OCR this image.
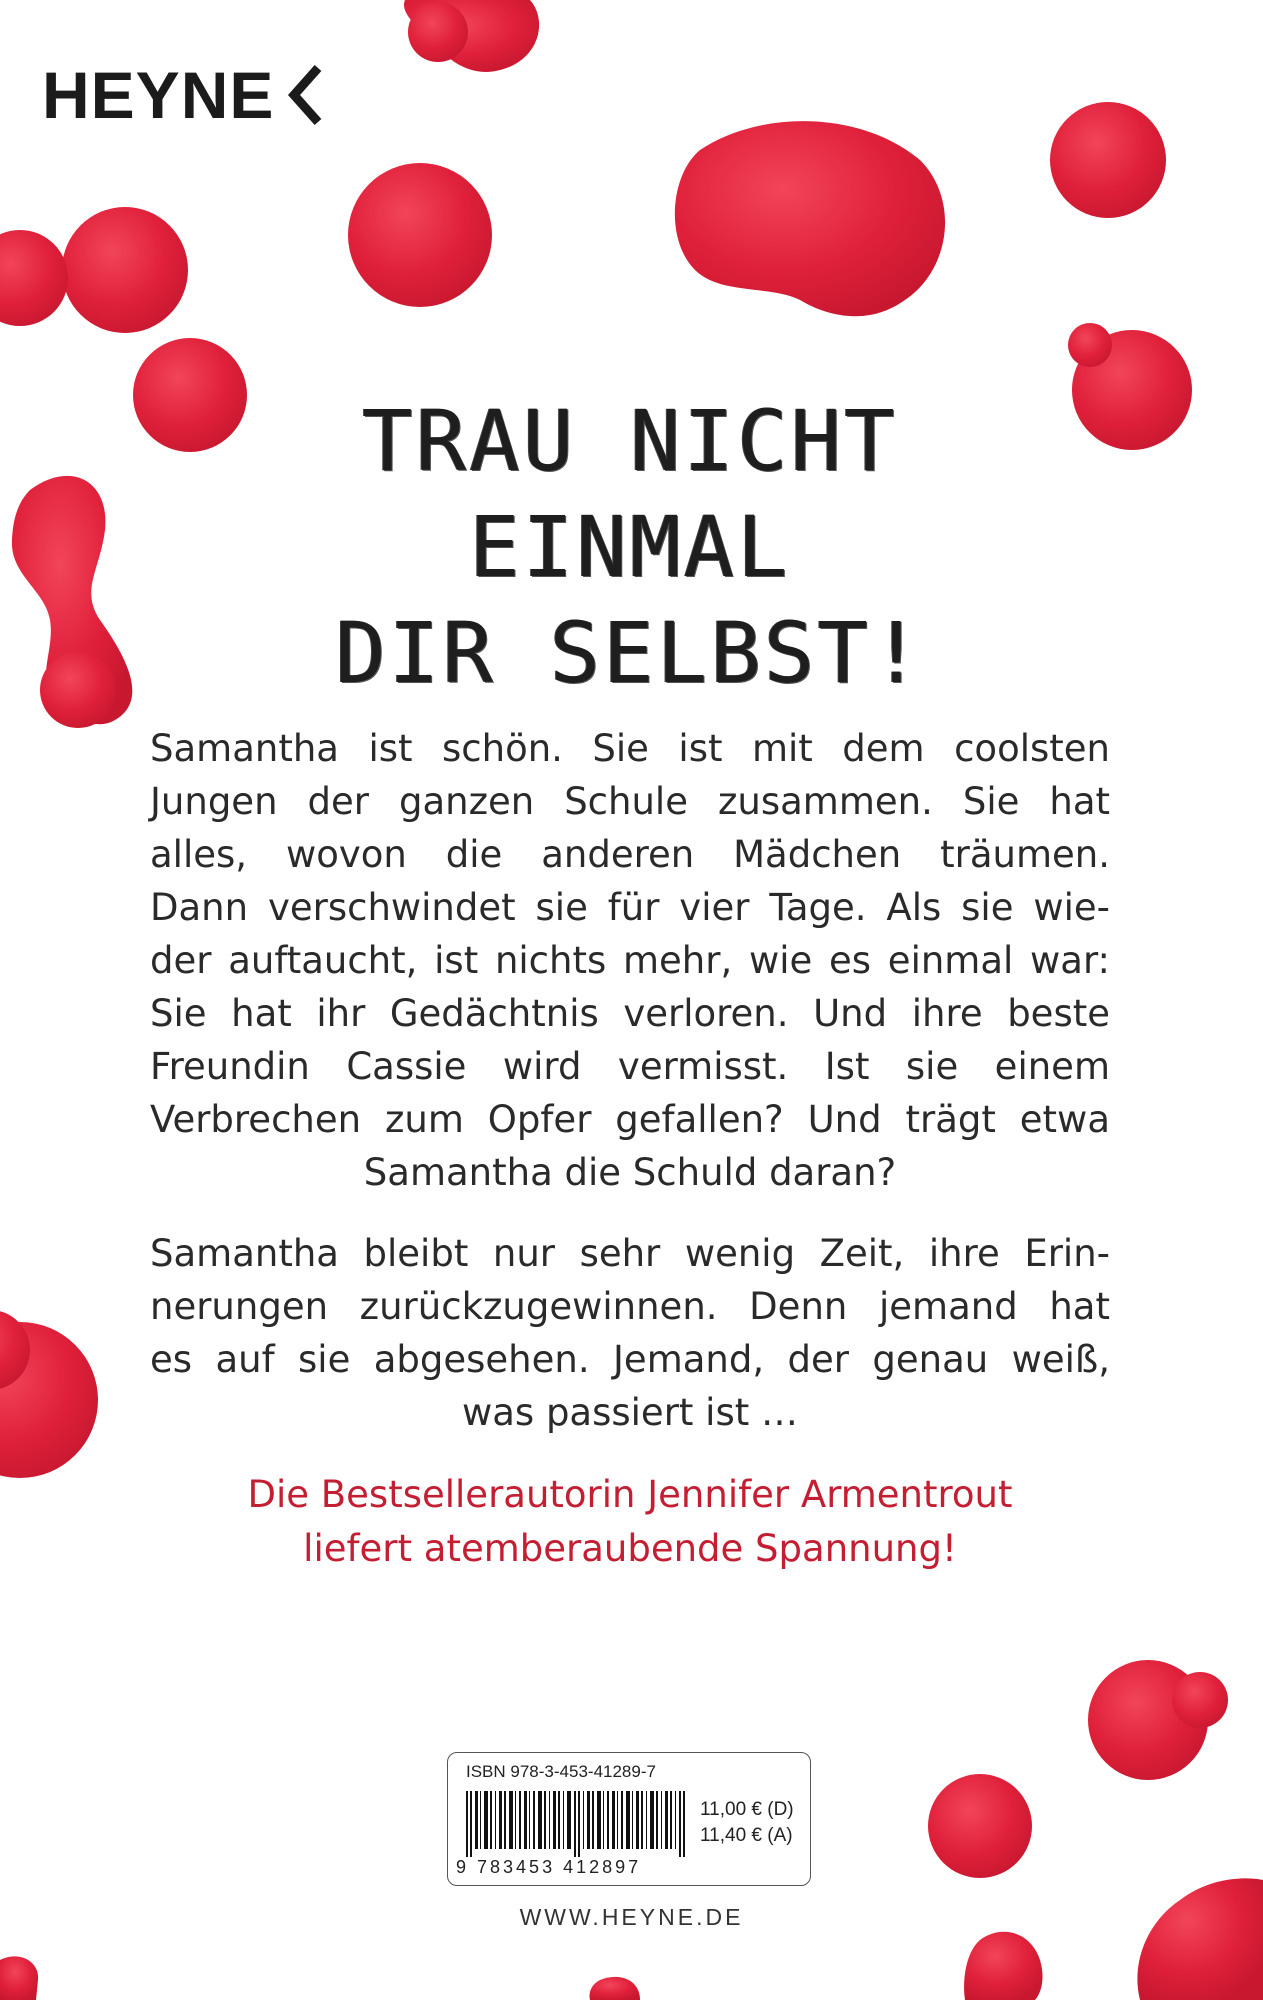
HEYNE
TRAU NICHT
EINMAL
DIR SELBST!

Samantha ist schön. Sie ist mit dem coolsten
Jungen der ganzen Schule zusammen. Sie hat
alles, wovon die anderen Mädchen träumen.
Dann verschwindet sie für vier Tage. Als sie wie-
der auftaucht, ist nichts mehr, wie es einmal war:
Sie hat ihr Gedächtnis verloren. Und ihre beste
Freundin Cassie wird vermisst. Ist sie einem
Verbrechen zum Opfer gefallen? Und trägt etwa
Samantha die Schuld daran?

Samantha bleibt nur sehr wenig Zeit, ihre Erin-
nerungen zurückzugewinnen. Denn jemand hat
es auf sie abgesehen. Jemand, der genau weiß,
was passiert ist …

Die Bestsellerautorin Jennifer Armentrout
liefert atemberaubende Spannung!

ISBN 978-3-453-41289-7
9 783453 412897
11,00 € (D)
11,40 € (A)
WWW.HEYNE.DE
